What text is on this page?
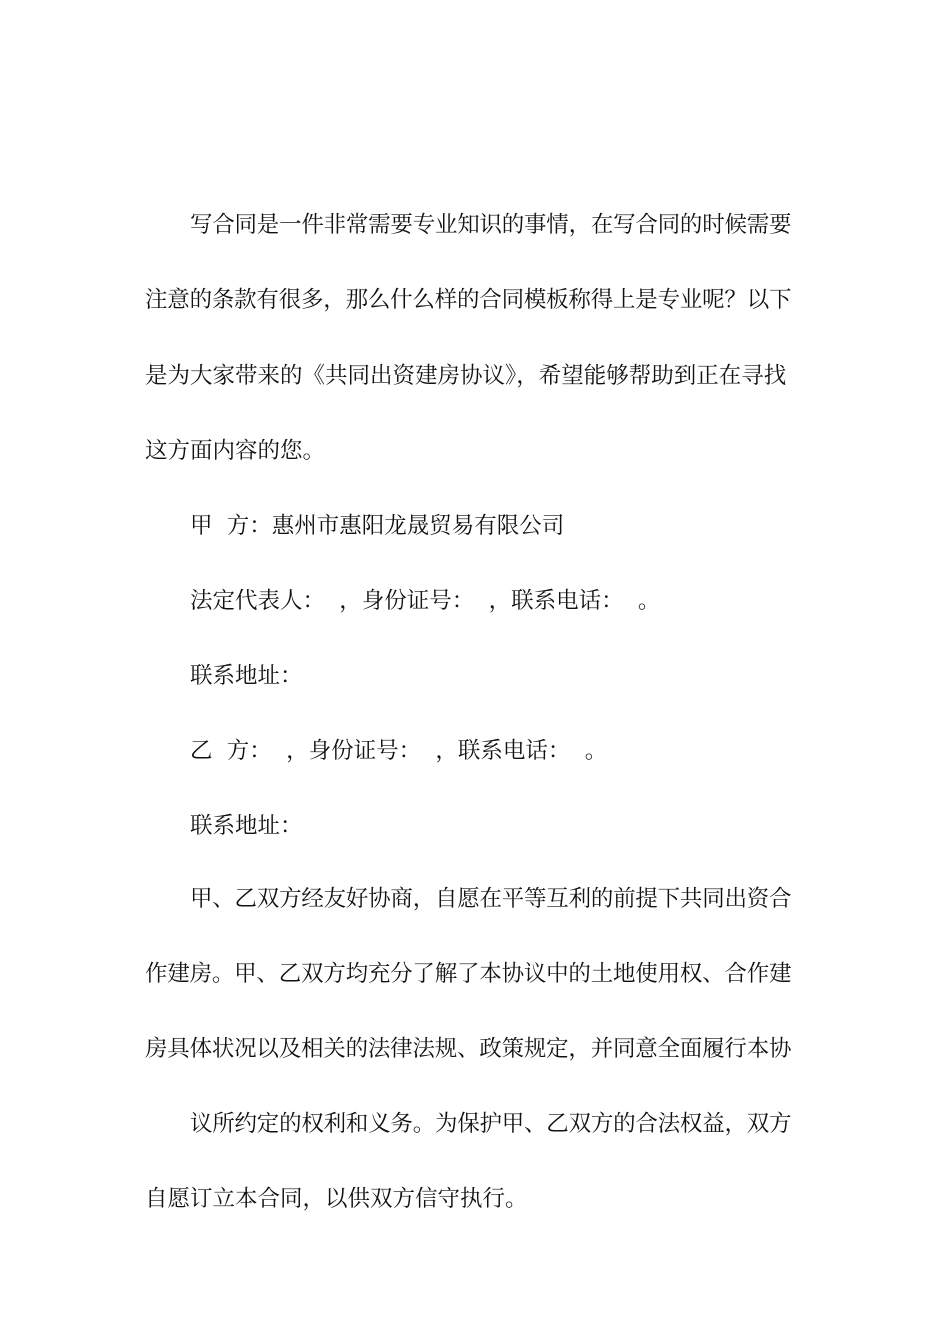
写合同是一件非常需要专业知识的事情，在写合同的时候需要
注意的条款有很多，那么什么样的合同模板称得上是专业呢？以下
是为大家带来的《共同出资建房协议》，希望能够帮助到正在寻找
这方面内容的您。
甲  方：惠州市惠阳龙晟贸易有限公司
法定代表人：  ，身份证号：  ，联系电话：  。
联系地址：
乙  方：  ，身份证号：  ，联系电话：  。
联系地址：
甲、乙双方经友好协商，自愿在平等互利的前提下共同出资合
作建房。甲、乙双方均充分了解了本协议中的土地使用权、合作建
房具体状况以及相关的法律法规、政策规定，并同意全面履行本协
议所约定的权利和义务。为保护甲、乙双方的合法权益，双方
自愿订立本合同，以供双方信守执行。
